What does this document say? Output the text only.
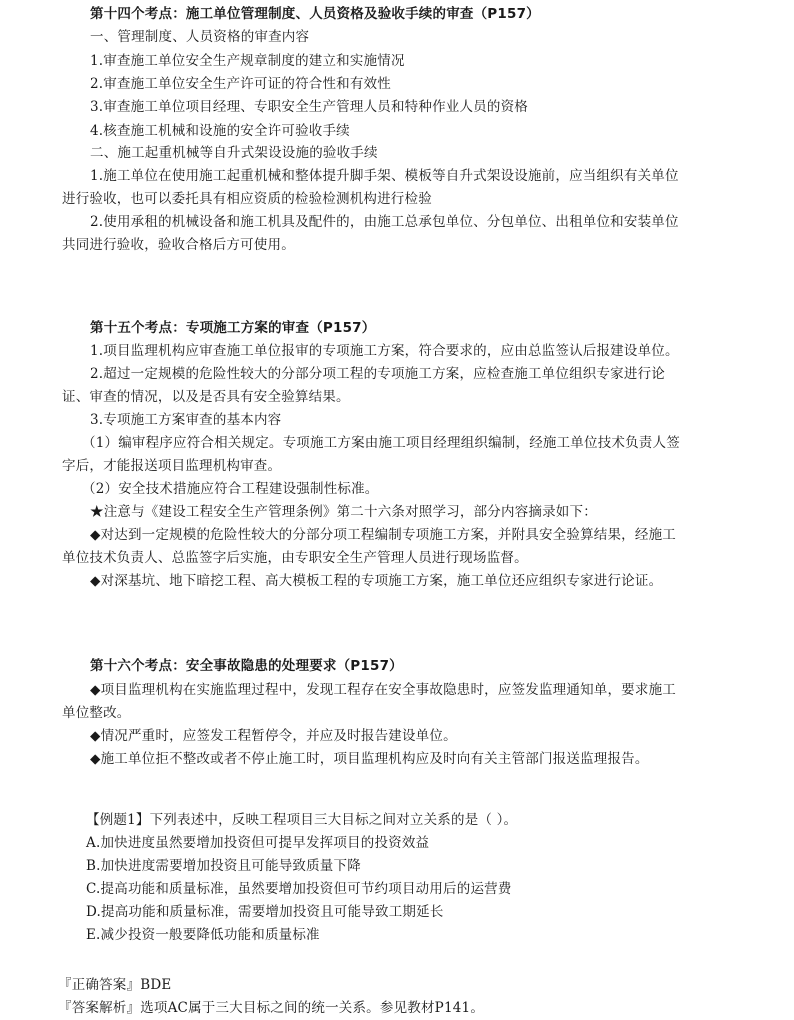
第十四个考点：施工单位管理制度、人员资格及验收手续的审查（P157）
一、管理制度、人员资格的审查内容
1.审查施工单位安全生产规章制度的建立和实施情况
2.审查施工单位安全生产许可证的符合性和有效性
3.审查施工单位项目经理、专职安全生产管理人员和特种作业人员的资格
4.核查施工机械和设施的安全许可验收手续
二、施工起重机械等自升式架设设施的验收手续
1.施工单位在使用施工起重机械和整体提升脚手架、模板等自升式架设设施前，应当组织有关单位
进行验收，也可以委托具有相应资质的检验检测机构进行检验
2.使用承租的机械设备和施工机具及配件的，由施工总承包单位、分包单位、出租单位和安装单位
共同进行验收，验收合格后方可使用。
第十五个考点：专项施工方案的审查（P157）
1.项目监理机构应审查施工单位报审的专项施工方案，符合要求的，应由总监签认后报建设单位。
2.超过一定规模的危险性较大的分部分项工程的专项施工方案，应检查施工单位组织专家进行论
证、审查的情况，以及是否具有安全验算结果。
3.专项施工方案审查的基本内容
（1）编审程序应符合相关规定。专项施工方案由施工项目经理组织编制，经施工单位技术负责人签
字后，才能报送项目监理机构审查。
（2）安全技术措施应符合工程建设强制性标准。
★注意与《建设工程安全生产管理条例》第二十六条对照学习，部分内容摘录如下：
◆对达到一定规模的危险性较大的分部分项工程编制专项施工方案，并附具安全验算结果，经施工
单位技术负责人、总监签字后实施，由专职安全生产管理人员进行现场监督。
◆对深基坑、地下暗挖工程、高大模板工程的专项施工方案，施工单位还应组织专家进行论证。
第十六个考点：安全事故隐患的处理要求（P157）
◆项目监理机构在实施监理过程中，发现工程存在安全事故隐患时，应签发监理通知单，要求施工
单位整改。
◆情况严重时，应签发工程暂停令，并应及时报告建设单位。
◆施工单位拒不整改或者不停止施工时，项目监理机构应及时向有关主管部门报送监理报告。
【例题1】下列表述中，反映工程项目三大目标之间对立关系的是（ ）。
A.加快进度虽然要增加投资但可提早发挥项目的投资效益
B.加快进度需要增加投资且可能导致质量下降
C.提高功能和质量标准，虽然要增加投资但可节约项目动用后的运营费
D.提高功能和质量标准，需要增加投资且可能导致工期延长
E.减少投资一般要降低功能和质量标准
『正确答案』BDE
『答案解析』选项AC属于三大目标之间的统一关系。参见教材P141。
